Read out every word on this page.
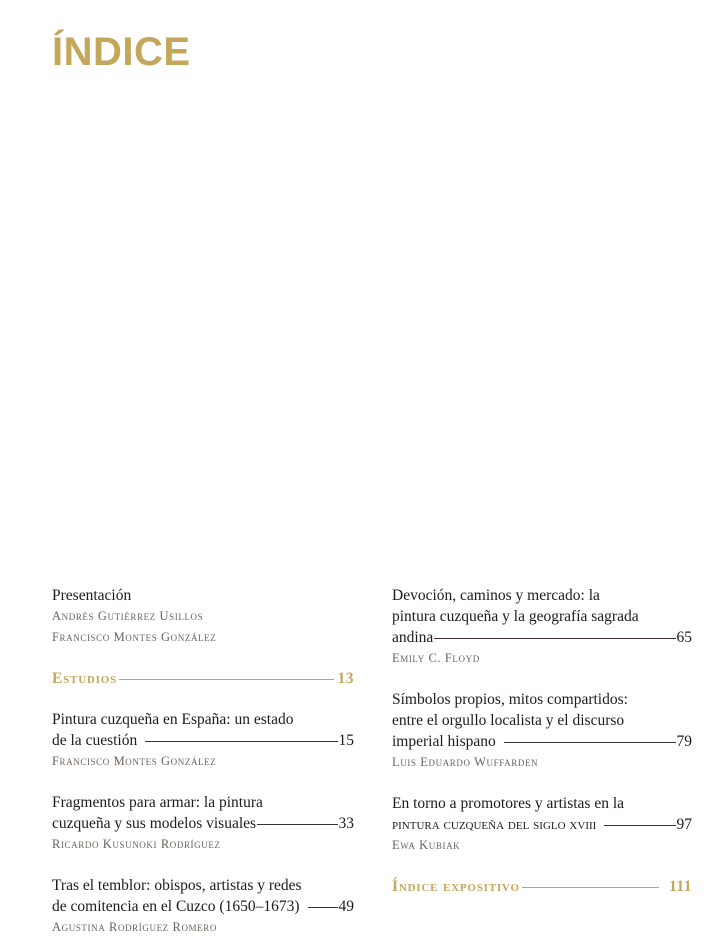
ÍNDICE
Presentación
Andrés Gutiérrez Usillos
Francisco Montes González
Estudios	13
Pintura cuzqueña en España: un estado
de la cuestión	15
Francisco Montes González
Fragmentos para armar: la pintura
cuzqueña y sus modelos visuales	33
Ricardo Kusunoki Rodríguez
Tras el temblor: obispos, artistas y redes
de comitencia en el Cuzco (1650–1673)	49
Agustina Rodríguez Romero
Devoción, caminos y mercado: la
pintura cuzqueña y la geografía sagrada
andina	65
Emily C. Floyd
Símbolos propios, mitos compartidos:
entre el orgullo localista y el discurso
imperial hispano	79
Luis Eduardo Wuffarden
En torno a promotores y artistas en la
pintura cuzqueña del siglo xviii	97
Ewa Kubiak
Índice expositivo	111
